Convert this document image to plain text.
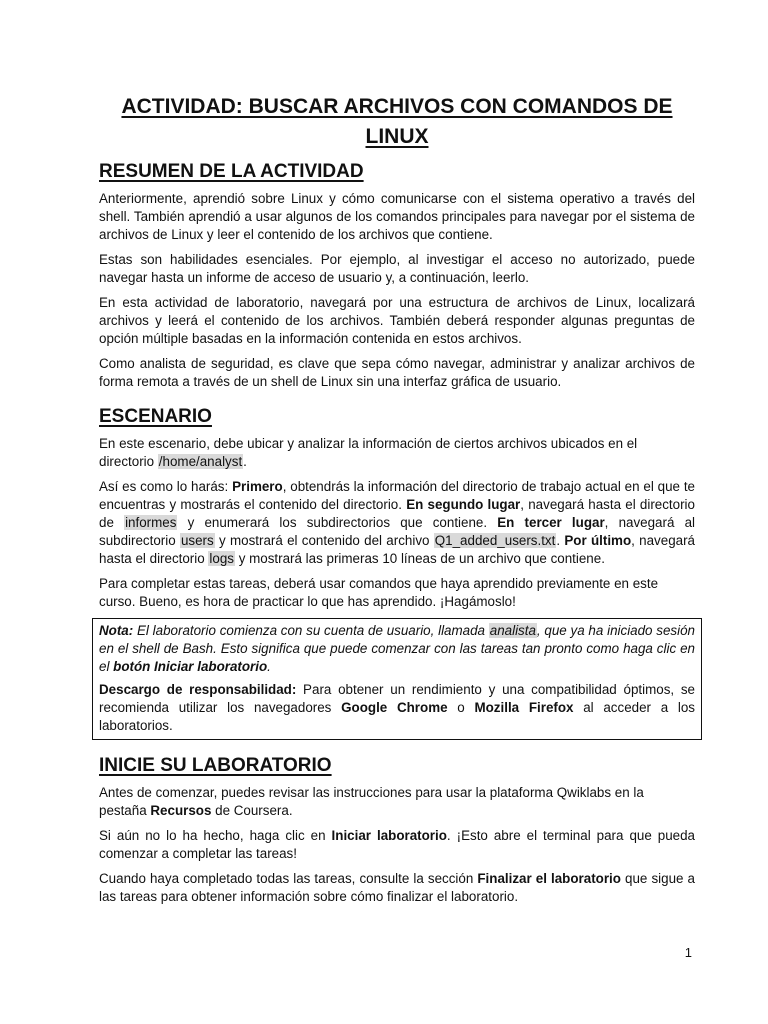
ACTIVIDAD: BUSCAR ARCHIVOS CON COMANDOS DE LINUX
RESUMEN DE LA ACTIVIDAD
Anteriormente, aprendió sobre Linux y cómo comunicarse con el sistema operativo a través del shell. También aprendió a usar algunos de los comandos principales para navegar por el sistema de archivos de Linux y leer el contenido de los archivos que contiene.
Estas son habilidades esenciales. Por ejemplo, al investigar el acceso no autorizado, puede navegar hasta un informe de acceso de usuario y, a continuación, leerlo.
En esta actividad de laboratorio, navegará por una estructura de archivos de Linux, localizará archivos y leerá el contenido de los archivos. También deberá responder algunas preguntas de opción múltiple basadas en la información contenida en estos archivos.
Como analista de seguridad, es clave que sepa cómo navegar, administrar y analizar archivos de forma remota a través de un shell de Linux sin una interfaz gráfica de usuario.
ESCENARIO
En este escenario, debe ubicar y analizar la información de ciertos archivos ubicados en el directorio /home/analyst.
Así es como lo harás: Primero, obtendrás la información del directorio de trabajo actual en el que te encuentras y mostrarás el contenido del directorio. En segundo lugar, navegará hasta el directorio de informes y enumerará los subdirectorios que contiene. En tercer lugar, navegará al subdirectorio users y mostrará el contenido del archivo Q1_added_users.txt. Por último, navegará hasta el directorio logs y mostrará las primeras 10 líneas de un archivo que contiene.
Para completar estas tareas, deberá usar comandos que haya aprendido previamente en este curso. Bueno, es hora de practicar lo que has aprendido. ¡Hagámoslo!
Nota: El laboratorio comienza con su cuenta de usuario, llamada analista, que ya ha iniciado sesión en el shell de Bash. Esto significa que puede comenzar con las tareas tan pronto como haga clic en el botón Iniciar laboratorio.
Descargo de responsabilidad: Para obtener un rendimiento y una compatibilidad óptimos, se recomienda utilizar los navegadores Google Chrome o Mozilla Firefox al acceder a los laboratorios.
INICIE SU LABORATORIO
Antes de comenzar, puedes revisar las instrucciones para usar la plataforma Qwiklabs en la pestaña Recursos de Coursera.
Si aún no lo ha hecho, haga clic en Iniciar laboratorio. ¡Esto abre el terminal para que pueda comenzar a completar las tareas!
Cuando haya completado todas las tareas, consulte la sección Finalizar el laboratorio que sigue a las tareas para obtener información sobre cómo finalizar el laboratorio.
1
